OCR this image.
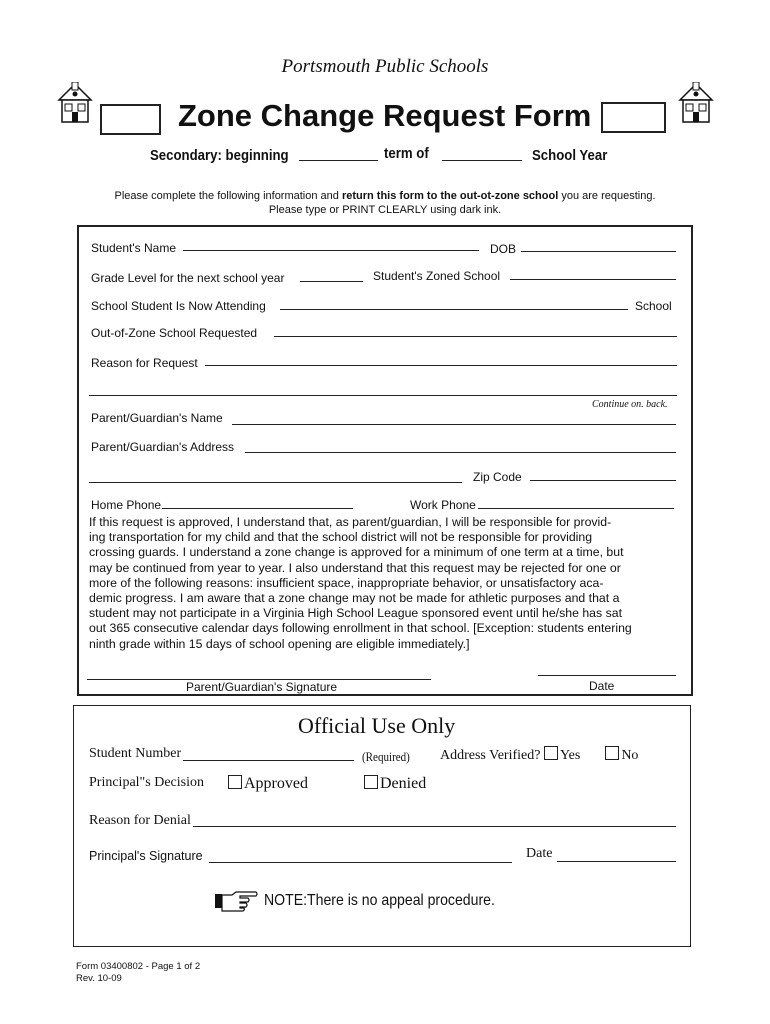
Portsmouth Public Schools
Zone Change Request Form
Secondary: beginning	term of	School Year
Please complete the following information and return this form to the out-ot-zone school you are requesting.
Please type or PRINT CLEARLY using dark ink.
Student's Name	DOB
Grade Level for the next school year	Student's Zoned School
School Student Is Now Attending	School
Out-of-Zone School Requested
Reason for Request
Continue on. back.
Parent/Guardian's Name
Parent/Guardian's Address
Zip Code
Home Phone	Work Phone
If this request is approved, I understand that, as parent/guardian, I will be responsible for provid-
ing transportation for my child and that the school district will not be responsible for providing
crossing guards. I understand a zone change is approved for a minimum of one term at a time, but
may be continued from year to year. I also understand that this request may be rejected for one or
more of the following reasons: insufficient space, inappropriate behavior, or unsatisfactory aca-
demic progress. I am aware that a zone change may not be made for athletic purposes and that a
student may not participate in a Virginia High School League sponsored event until he/she has sat
out 365 consecutive calendar days following enrollment in that school. [Exception: students entering
ninth grade within 15 days of school opening are eligible immediately.]
Parent/Guardian's Signature	Date
Official Use Only
Student Number	(Required) Address Verified? Yes	No
Principal"s Decision	Approved	Denied
Reason for Denial
Principal's Signature	Date
NOTE:There is no appeal procedure.
Form 03400802 - Page 1 of 2
Rev. 10-09
